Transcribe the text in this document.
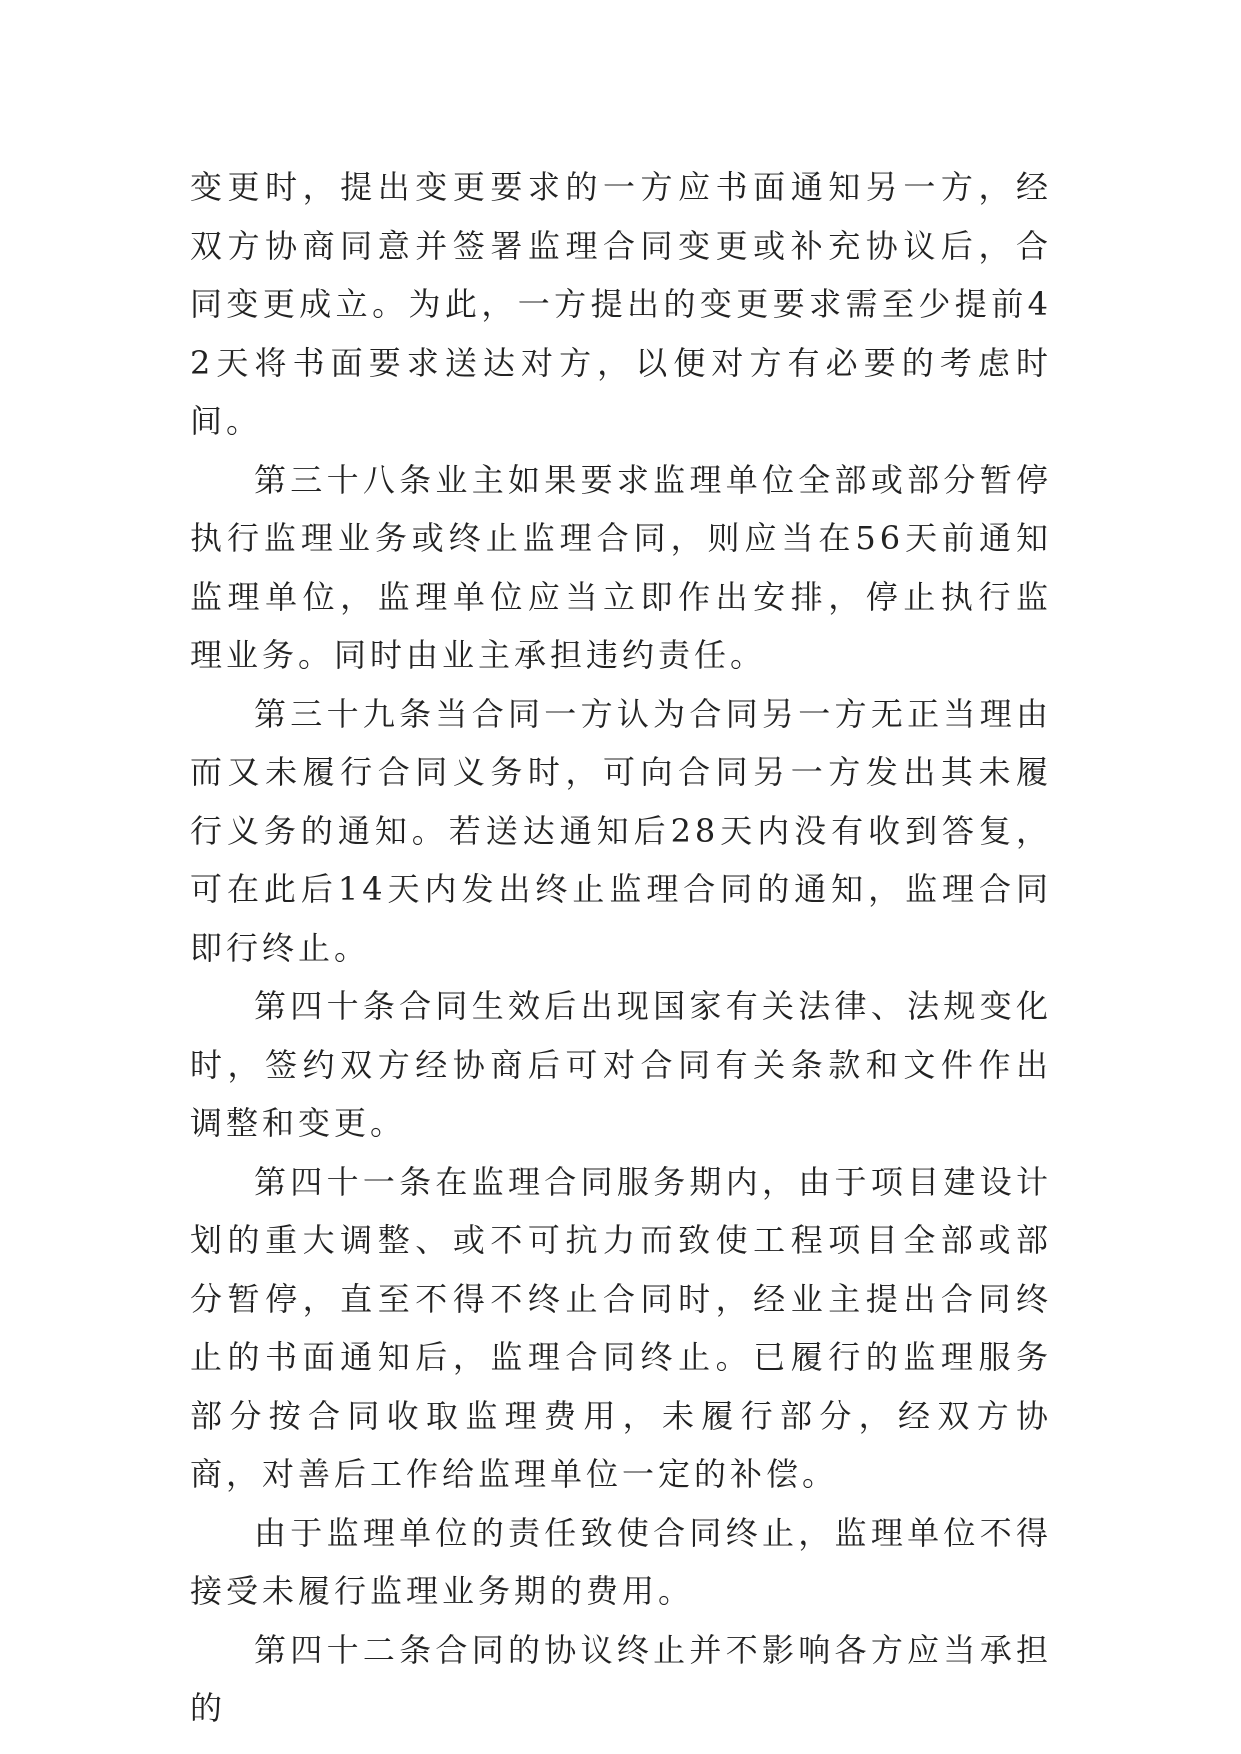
变更时，提出变更要求的一方应书面通知另一方，经双方协商同意并签署监理合同变更或补充协议后，合同变更成立。为此，一方提出的变更要求需至少提前42天将书面要求送达对方，以便对方有必要的考虑时间。

第三十八条业主如果要求监理单位全部或部分暂停执行监理业务或终止监理合同，则应当在56天前通知监理单位，监理单位应当立即作出安排，停止执行监理业务。同时由业主承担违约责任。

第三十九条当合同一方认为合同另一方无正当理由而又未履行合同义务时，可向合同另一方发出其未履行义务的通知。若送达通知后28天内没有收到答复，可在此后14天内发出终止监理合同的通知，监理合同即行终止。

第四十条合同生效后出现国家有关法律、法规变化时，签约双方经协商后可对合同有关条款和文件作出调整和变更。

第四十一条在监理合同服务期内，由于项目建设计划的重大调整、或不可抗力而致使工程项目全部或部分暂停，直至不得不终止合同时，经业主提出合同终止的书面通知后，监理合同终止。已履行的监理服务部分按合同收取监理费用，未履行部分，经双方协商，对善后工作给监理单位一定的补偿。

由于监理单位的责任致使合同终止，监理单位不得接受未履行监理业务期的费用。

第四十二条合同的协议终止并不影响各方应当承担的
